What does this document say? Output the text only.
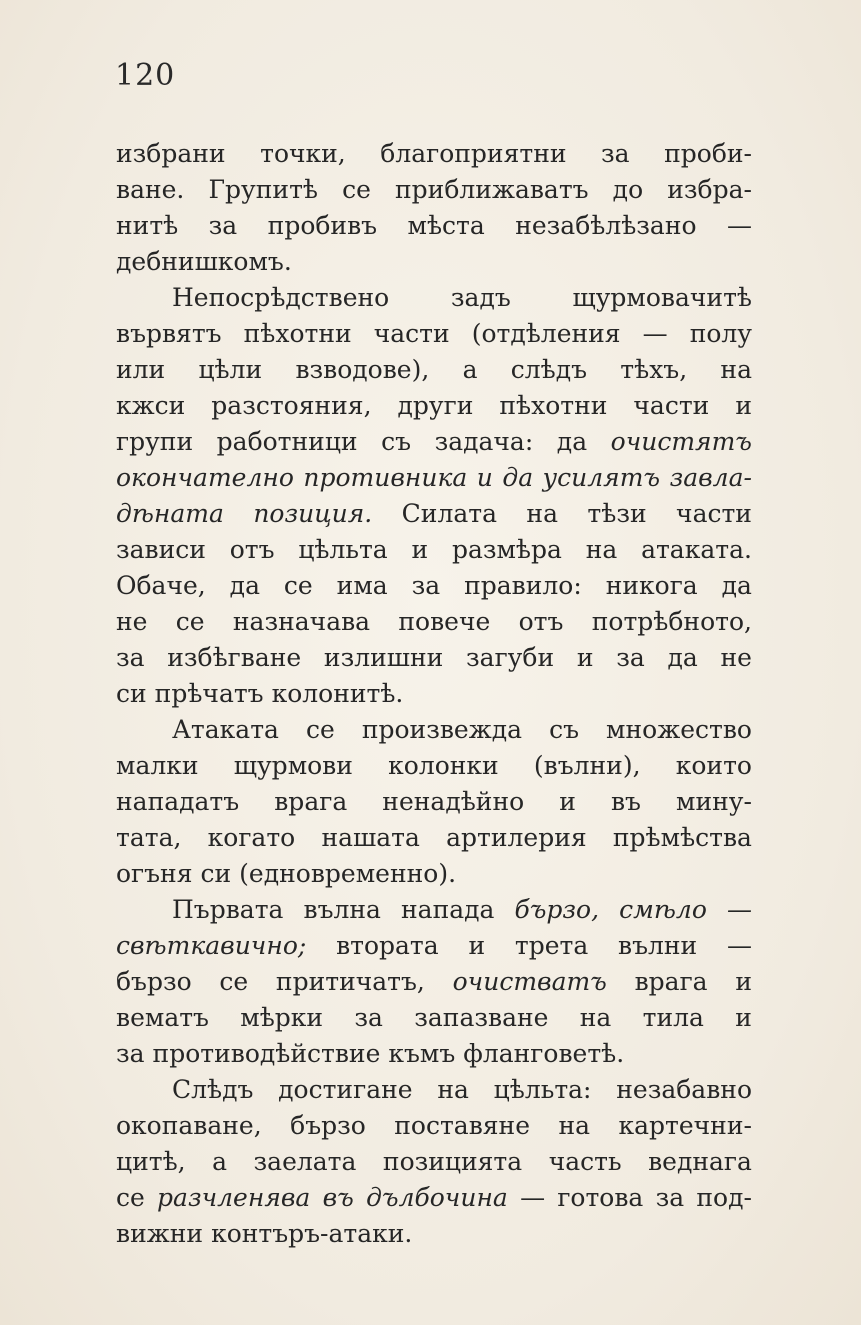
120
избрани точки, благоприятни за проби-
ване. Групитѣ се приближаватъ до избра-
нитѣ за пробивъ мѣста незабѣлѣзано —
дебнишкомъ.
Непосрѣдствено задъ щурмовачитѣ
вървятъ пѣхотни части (отдѣления — полу
или цѣли взводове), а слѣдъ тѣхъ, на
кжси разстояния, други пѣхотни части и
групи работници съ задача: да очистятъ
окончателно противника и да усилятъ завла-
дѣната позиция. Силата на тѣзи части
зависи отъ цѣльта и размѣра на атаката.
Обаче, да се има за правило: никога да
не се назначава повече отъ потрѣбното,
за избѣгване излишни загуби и за да не
си прѣчатъ колонитѣ.
Атаката се произвежда съ множество
малки щурмови колонки (вълни), които
нападатъ врага ненадѣйно и въ мину-
тата, когато нашата артилерия прѣмѣства
огъня си (едновременно).
Първата вълна напада бързо, смѣло —
свѣткавично; втората и трета вълни —
бързо се притичатъ, очистватъ врага и
вематъ мѣрки за запазване на тила и
за противодѣйствие къмъ фланговетѣ.
Слѣдъ достигане на цѣльта: незабавно
окопаване, бързо поставяне на картечни-
цитѣ, а заелата позицията часть веднага
се разчленява въ дълбочина — готова за под-
вижни контъръ-атаки.
